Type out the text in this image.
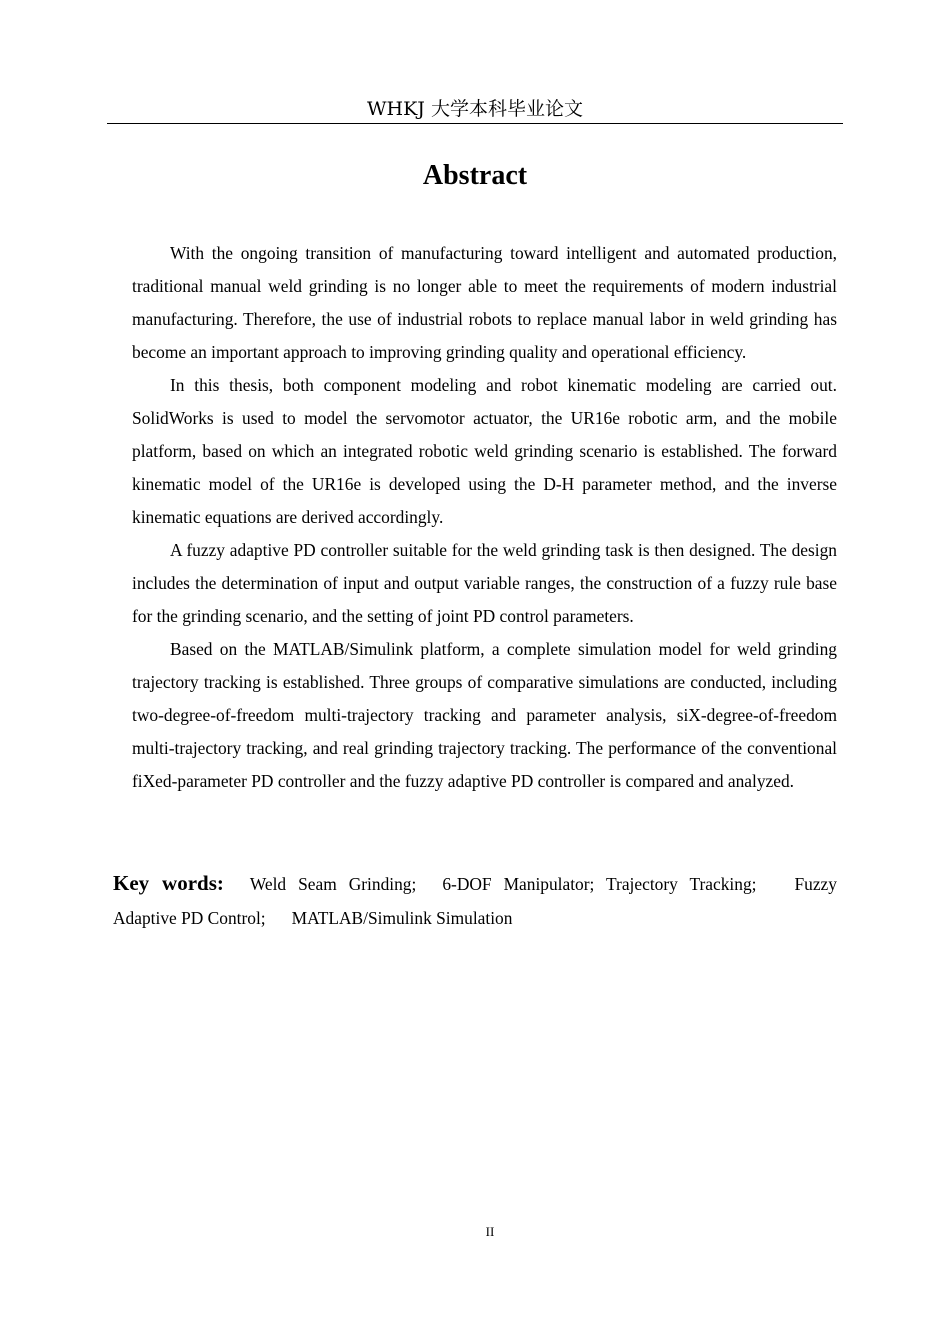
WHKJ 大学本科毕业论文
Abstract

With the ongoing transition of manufacturing toward intelligent and automated production, traditional manual weld grinding is no longer able to meet the requirements of modern industrial manufacturing. Therefore, the use of industrial robots to replace manual labor in weld grinding has become an important approach to improving grinding quality and operational efficiency.

In this thesis, both component modeling and robot kinematic modeling are carried out. SolidWorks is used to model the servomotor actuator, the UR16e robotic arm, and the mobile platform, based on which an integrated robotic weld grinding scenario is established. The forward kinematic model of the UR16e is developed using the D-H parameter method, and the inverse kinematic equations are derived accordingly.

A fuzzy adaptive PD controller suitable for the weld grinding task is then designed. The design includes the determination of input and output variable ranges, the construction of a fuzzy rule base for the grinding scenario, and the setting of joint PD control parameters.

Based on the MATLAB/Simulink platform, a complete simulation model for weld grinding trajectory tracking is established. Three groups of comparative simulations are conducted, including two-degree-of-freedom multi-trajectory tracking and parameter analysis, siX-degree-of-freedom multi-trajectory tracking, and real grinding trajectory tracking. The performance of the conventional fiXed-parameter PD controller and the fuzzy adaptive PD controller is compared and analyzed.

Key words: Weld Seam Grinding; 6-DOF Manipulator; Trajectory Tracking; Fuzzy Adaptive PD Control; MATLAB/Simulink Simulation
II
